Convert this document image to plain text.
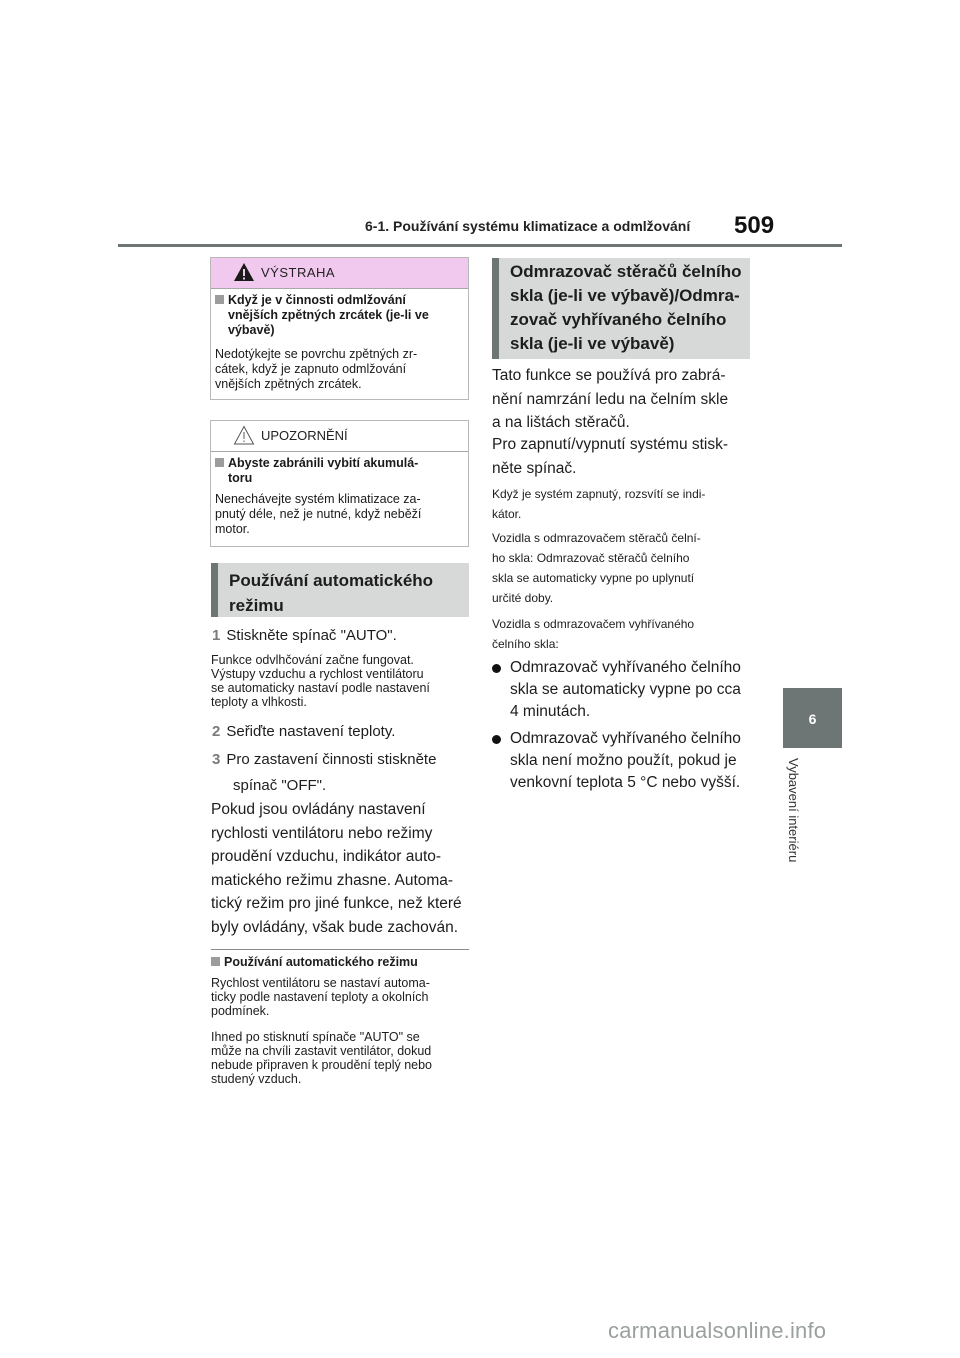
6-1. Používání systému klimatizace a odmlžování 509
6
Vybavení interiéru
VÝSTRAHA
Když je v činnosti odmlžování
vnějších zpětných zrcátek (je-li ve
výbavě)
Nedotýkejte se povrchu zpětných zr-
cátek, když je zapnuto odmlžování
vnějších zpětných zrcátek.
UPOZORNĚNÍ
Abyste zabránili vybití akumulá-
toru
Nenechávejte systém klimatizace za-
pnutý déle, než je nutné, když neběží
motor.
Používání automatického
režimu
1 Stiskněte spínač "AUTO".
Funkce odvlhčování začne fungovat.
Výstupy vzduchu a rychlost ventilátoru
se automaticky nastaví podle nastavení
teploty a vlhkosti.
2 Seřiďte nastavení teploty.
3 Pro zastavení činnosti stiskněte
spínač "OFF".
Pokud jsou ovládány nastavení
rychlosti ventilátoru nebo režimy
proudění vzduchu, indikátor auto-
matického režimu zhasne. Automa-
tický režim pro jiné funkce, než které
byly ovládány, však bude zachován.
Používání automatického režimu
Rychlost ventilátoru se nastaví automa-
ticky podle nastavení teploty a okolních
podmínek.
Ihned po stisknutí spínače "AUTO" se
může na chvíli zastavit ventilátor, dokud
nebude připraven k proudění teplý nebo
studený vzduch.
Odmrazovač stěračů čelního
skla (je-li ve výbavě)/Odmra-
zovač vyhřívaného čelního
skla (je-li ve výbavě)
Tato funkce se používá pro zabrá-
nění namrzání ledu na čelním skle
a na lištách stěračů.
Pro zapnutí/vypnutí systému stisk-
něte spínač.
Když je systém zapnutý, rozsvítí se indi-
kátor.
Vozidla s odmrazovačem stěračů čelní-
ho skla: Odmrazovač stěračů čelního
skla se automaticky vypne po uplynutí
určité doby.
Vozidla s odmrazovačem vyhřívaného
čelního skla:
Odmrazovač vyhřívaného čelního
skla se automaticky vypne po cca
4 minutách.
Odmrazovač vyhřívaného čelního
skla není možno použít, pokud je
venkovní teplota 5 °C nebo vyšší.
carmanualsonline.info
